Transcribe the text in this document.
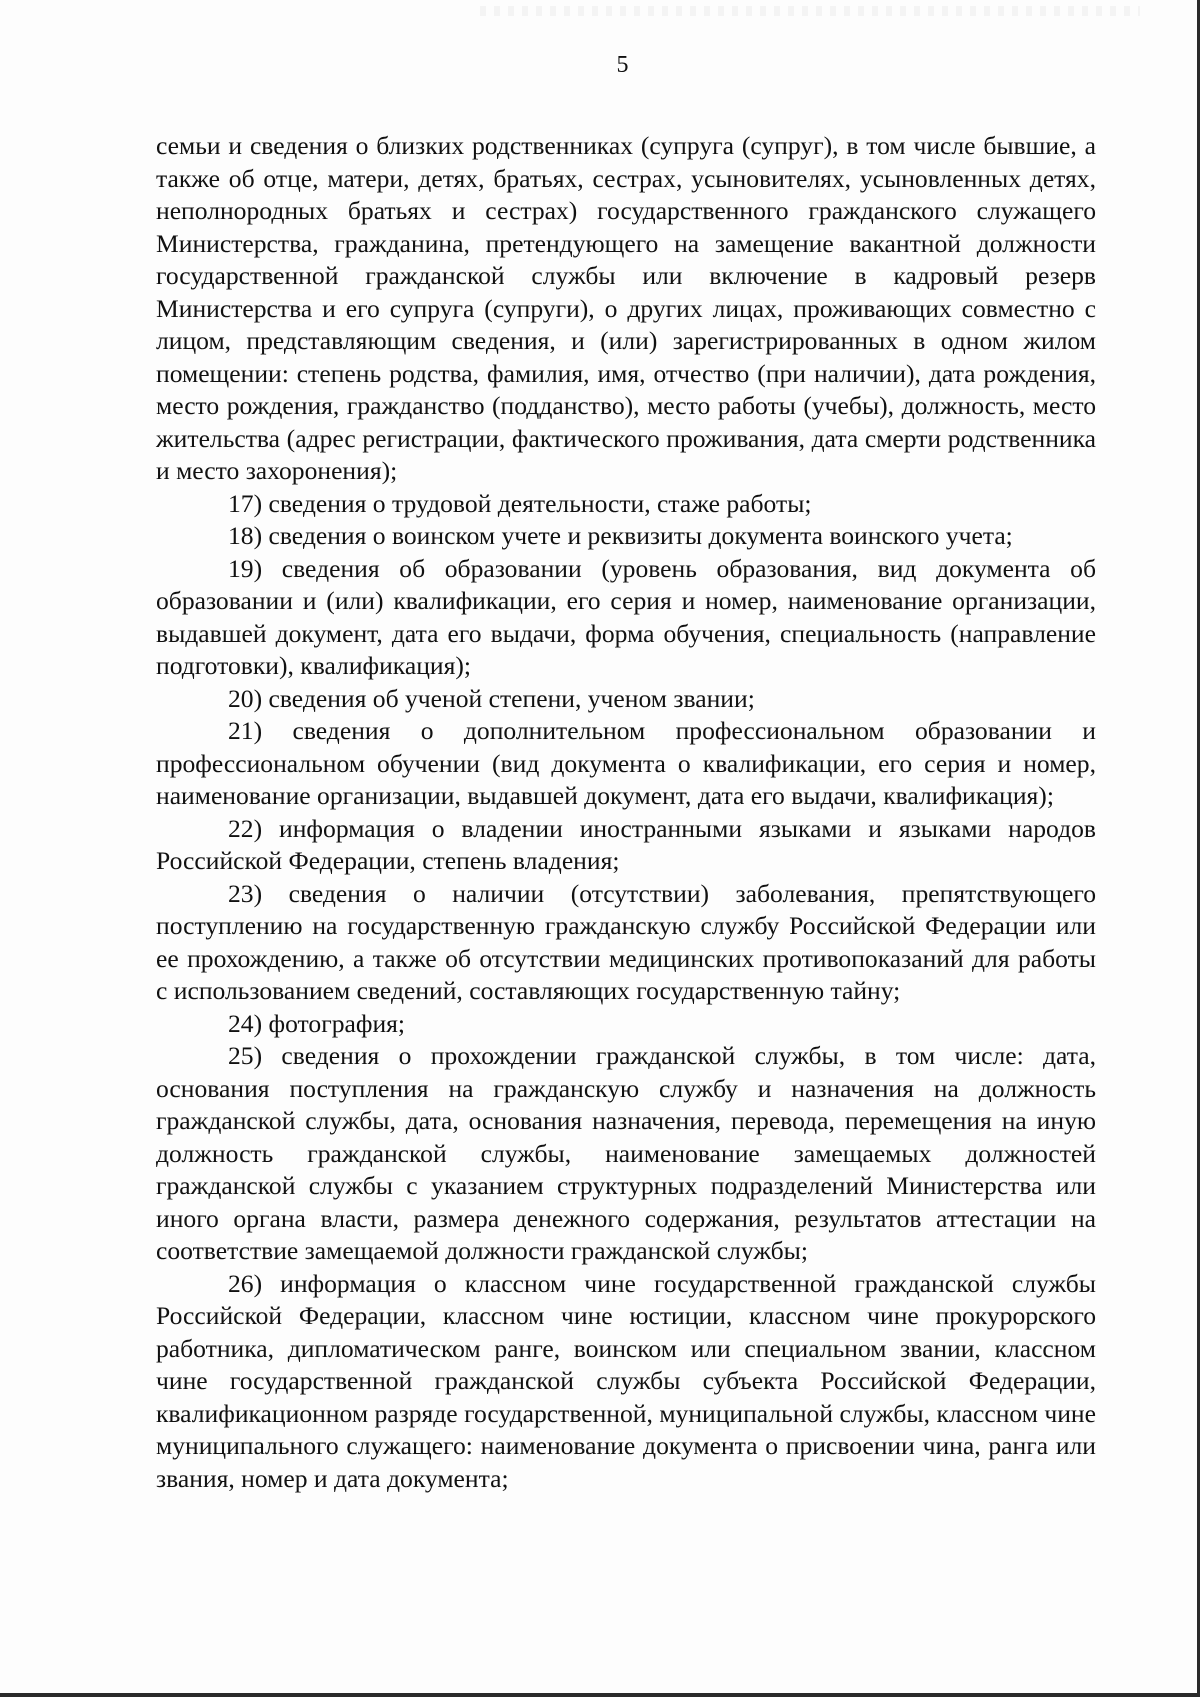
5

семьи и сведения о близких родственниках (супруга (супруг), в том числе бывшие, а также об отце, матери, детях, братьях, сестрах, усыновителях, усыновленных детях, неполнородных братьях и сестрах) государственного гражданского служащего Министерства, гражданина, претендующего на замещение вакантной должности государственной гражданской службы или включение в кадровый резерв Министерства и его супруга (супруги), о других лицах, проживающих совместно с лицом, представляющим сведения, и (или) зарегистрированных в одном жилом помещении: степень родства, фамилия, имя, отчество (при наличии), дата рождения, место рождения, гражданство (подданство), место работы (учебы), должность, место жительства (адрес регистрации, фактического проживания, дата смерти родственника и место захоронения);

17) сведения о трудовой деятельности, стаже работы;

18) сведения о воинском учете и реквизиты документа воинского учета;

19) сведения об образовании (уровень образования, вид документа об образовании и (или) квалификации, его серия и номер, наименование организации, выдавшей документ, дата его выдачи, форма обучения, специальность (направление подготовки), квалификация);

20) сведения об ученой степени, ученом звании;

21) сведения о дополнительном профессиональном образовании и профессиональном обучении (вид документа о квалификации, его серия и номер, наименование организации, выдавшей документ, дата его выдачи, квалификация);

22) информация о владении иностранными языками и языками народов Российской Федерации, степень владения;

23) сведения о наличии (отсутствии) заболевания, препятствующего поступлению на государственную гражданскую службу Российской Федерации или ее прохождению, а также об отсутствии медицинских противопоказаний для работы с использованием сведений, составляющих государственную тайну;

24) фотография;

25) сведения о прохождении гражданской службы, в том числе: дата, основания поступления на гражданскую службу и назначения на должность гражданской службы, дата, основания назначения, перевода, перемещения на иную должность гражданской службы, наименование замещаемых должностей гражданской службы с указанием структурных подразделений Министерства или иного органа власти, размера денежного содержания, результатов аттестации на соответствие замещаемой должности гражданской службы;

26) информация о классном чине государственной гражданской службы Российской Федерации, классном чине юстиции, классном чине прокурорского работника, дипломатическом ранге, воинском или специальном звании, классном чине государственной гражданской службы субъекта Российской Федерации, квалификационном разряде государственной, муниципальной службы, классном чине муниципального служащего: наименование документа о присвоении чина, ранга или звания, номер и дата документа;
